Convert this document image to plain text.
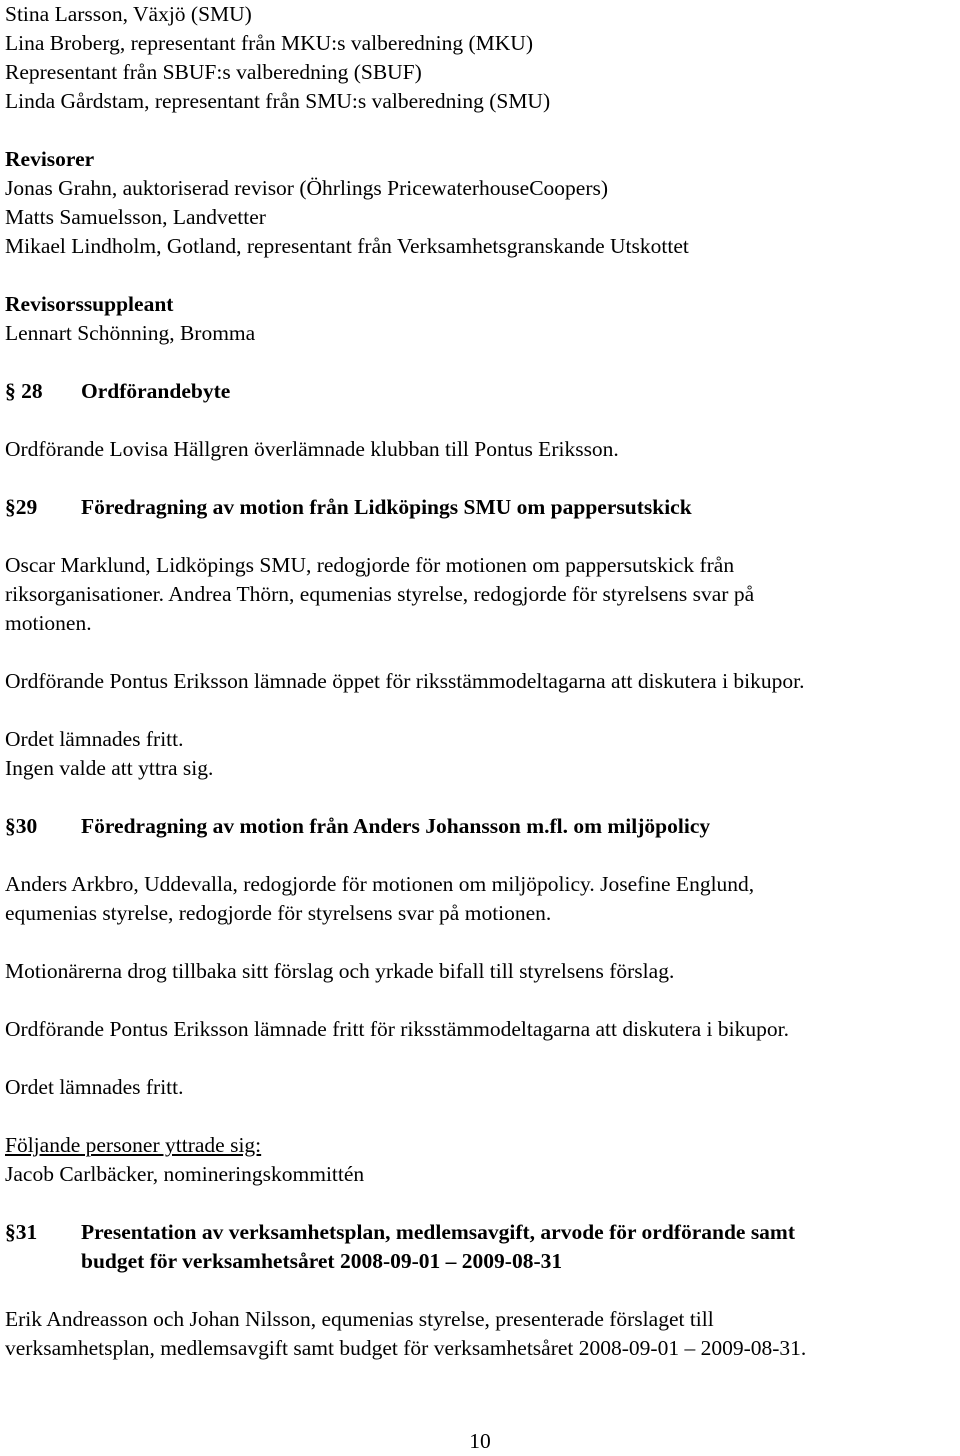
Stina Larsson, Växjö (SMU)
Lina Broberg, representant från MKU:s valberedning (MKU)
Representant från SBUF:s valberedning (SBUF)
Linda Gårdstam, representant från SMU:s valberedning (SMU)
Revisorer
Jonas Grahn, auktoriserad revisor (Öhrlings PricewaterhouseCoopers)
Matts Samuelsson, Landvetter
Mikael Lindholm, Gotland, representant från Verksamhetsgranskande Utskottet
Revisorssuppleant
Lennart Schönning, Bromma
§ 28	Ordförandebyte
Ordförande Lovisa Hällgren överlämnade klubban till Pontus Eriksson.
§29	Föredragning av motion från Lidköpings SMU om pappersutskick
Oscar Marklund, Lidköpings SMU, redogjorde för motionen om pappersutskick från
riksorganisationer. Andrea Thörn, equmenias styrelse, redogjorde för styrelsens svar på
motionen.
Ordförande Pontus Eriksson lämnade öppet för riksstämmodeltagarna att diskutera i bikupor.
Ordet lämnades fritt.
Ingen valde att yttra sig.
§30	Föredragning av motion från Anders Johansson m.fl. om miljöpolicy
Anders Arkbro, Uddevalla, redogjorde för motionen om miljöpolicy. Josefine Englund,
equmenias styrelse, redogjorde för styrelsens svar på motionen.
Motionärerna drog tillbaka sitt förslag och yrkade bifall till styrelsens förslag.
Ordförande Pontus Eriksson lämnade fritt för riksstämmodeltagarna att diskutera i bikupor.
Ordet lämnades fritt.
Följande personer yttrade sig:
Jacob Carlbäcker, nomineringskommittén
§31	Presentation av verksamhetsplan, medlemsavgift, arvode för ordförande samt
budget för verksamhetsåret 2008-09-01 – 2009-08-31
Erik Andreasson och Johan Nilsson, equmenias styrelse, presenterade förslaget till
verksamhetsplan, medlemsavgift samt budget för verksamhetsåret 2008-09-01 – 2009-08-31.
10
